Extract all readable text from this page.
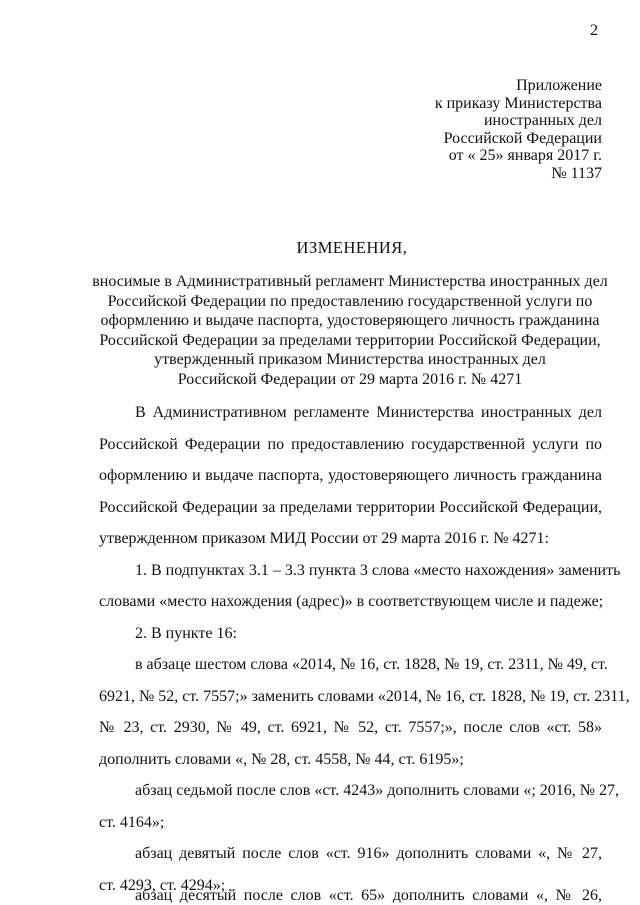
2
Приложение
к приказу Министерства
иностранных дел
Российской Федерации
от « 25» января 2017 г.
№ 1137
ИЗМЕНЕНИЯ,
вносимые в Административный регламент Министерства иностранных дел
Российской Федерации по предоставлению государственной услуги по
оформлению и выдаче паспорта, удостоверяющего личность гражданина
Российской Федерации за пределами территории Российской Федерации,
утвержденный приказом Министерства иностранных дел
Российской Федерации от 29 марта 2016 г. № 4271
В Административном регламенте Министерства иностранных дел
Российской Федерации по предоставлению государственной услуги по
оформлению и выдаче паспорта, удостоверяющего личность гражданина
Российской Федерации за пределами территории Российской Федерации,
утвержденном приказом МИД России от 29 марта 2016 г. № 4271:
1. В подпунктах 3.1 – 3.3 пункта 3 слова «место нахождения» заменить
словами «место нахождения (адрес)» в соответствующем числе и падеже;
2. В пункте 16:
в абзаце шестом слова «2014, № 16, ст. 1828, № 19, ст. 2311, № 49, ст.
6921, № 52, ст. 7557;» заменить словами «2014, № 16, ст. 1828, № 19, ст. 2311,
№ 23, ст. 2930, № 49, ст. 6921, № 52, ст. 7557;», после слов «ст. 58»
дополнить словами «, № 28, ст. 4558, № 44, ст. 6195»;
абзац седьмой после слов «ст. 4243» дополнить словами «; 2016, № 27,
ст. 4164»;
абзац девятый после слов «ст. 916» дополнить словами «, № 27,
ст. 4293, ст. 4294»;
абзац десятый после слов «ст. 65» дополнить словами «, № 26,
